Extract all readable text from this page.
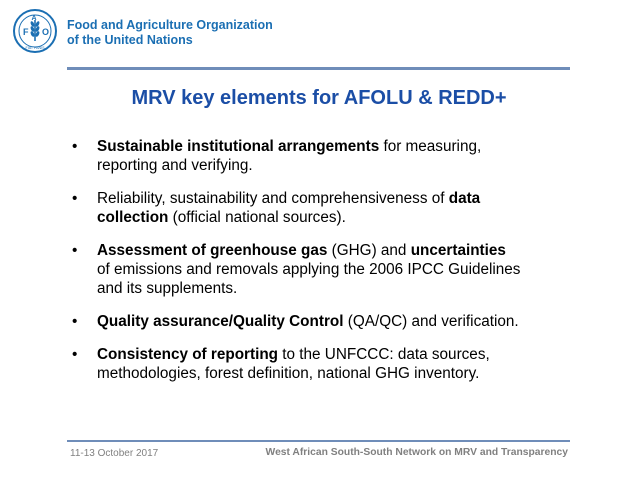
F O
A
FIAT PANIS
Food and Agriculture Organization
of the United Nations
MRV key elements for AFOLU & REDD+
• Sustainable institutional arrangements for measuring,
reporting and verifying.
• Reliability, sustainability and comprehensiveness of data
collection (official national sources).
• Assessment of greenhouse gas (GHG) and uncertainties
of emissions and removals applying the 2006 IPCC Guidelines
and its supplements.
• Quality assurance/Quality Control (QA/QC) and verification.
• Consistency of reporting to the UNFCCC: data sources,
methodologies, forest definition, national GHG inventory.
11-13 October 2017	West African South-South Network on MRV and Transparency
